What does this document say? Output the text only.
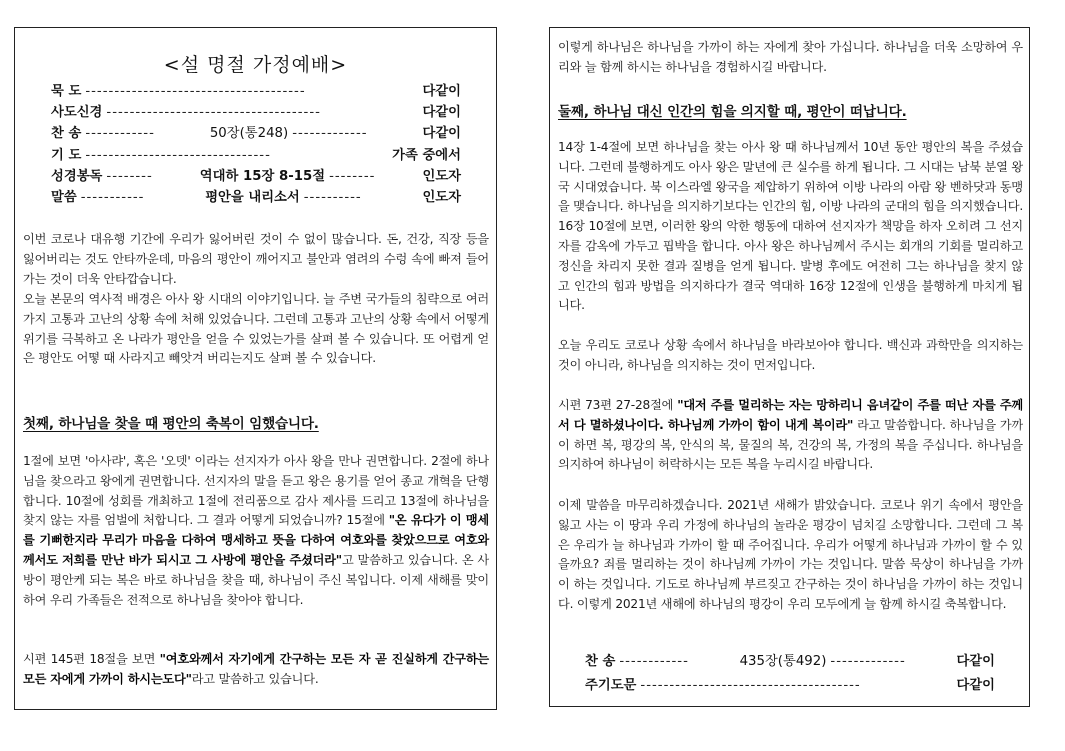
<설 명절 가정예배>
묵 도 --------------------------------------	다같이
사도신경 -------------------------------------	다같이
찬 송 ------------	50장(통248) -------------	다같이
기 도 --------------------------------	가족 중에서
성경봉독 --------	역대하 15장 8-15절 --------	인도자
말씀 -----------	평안을 내리소서 ----------	인도자

이번 코로나 대유행 기간에 우리가 잃어버린 것이 수 없이 많습니다. 돈, 건강, 직장 등을 잃어버리는 것도 안타까운데, 마음의 평안이 깨어지고 불안과 염려의 수렁 속에 빠져 들어가는 것이 더욱 안타깝습니다.

오늘 본문의 역사적 배경은 아사 왕 시대의 이야기입니다. 늘 주변 국가들의 침략으로 여러 가지 고통과 고난의 상황 속에 처해 있었습니다. 그런데 고통과 고난의 상황 속에서 어떻게 위기를 극복하고 온 나라가 평안을 얻을 수 있었는가를 살펴 볼 수 있습니다. 또 어렵게 얻은 평안도 어떻 때 사라지고 빼앗겨 버리는지도 살펴 볼 수 있습니다.

첫째, 하나님을 찾을 때 평안의 축복이 임했습니다.

1절에 보면 '아사랴', 혹은 '오뎃' 이라는 선지자가 아사 왕을 만나 권면합니다. 2절에 하나님을 찾으라고 왕에게 권면합니다. 선지자의 말을 듣고 왕은 용기를 얻어 종교 개혁을 단행합니다. 10절에 성회를 개최하고 1절에 전리품으로 감사 제사를 드리고 13절에 하나님을 찾지 않는 자를 엄벌에 처합니다. 그 결과 어떻게 되었습니까? 15절에 "온 유다가 이 맹세를 기뻐한지라 무리가 마음을 다하여 맹세하고 뜻을 다하여 여호와를 찾았으므로 여호와께서도 저희를 만난 바가 되시고 그 사방에 평안을 주셨더라"고 말씀하고 있습니다. 온 사방이 평안케 되는 복은 바로 하나님을 찾을 때, 하나님이 주신 복입니다. 이제 새해를 맞이하여 우리 가족들은 전적으로 하나님을 찾아야 합니다.

시편 145편 18절을 보면 "여호와께서 자기에게 간구하는 모든 자 곧 진실하게 간구하는 모든 자에게 가까이 하시는도다"라고 말씀하고 있습니다.

이렇게 하나님은 하나님을 가까이 하는 자에게 찾아 가십니다. 하나님을 더욱 소망하여 우리와 늘 함께 하시는 하나님을 경험하시길 바랍니다.

둘째, 하나님 대신 인간의 힘을 의지할 때, 평안이 떠납니다.

14장 1-4절에 보면 하나님을 찾는 아사 왕 때 하나님께서 10년 동안 평안의 복을 주셨습니다. 그런데 불행하게도 아사 왕은 말년에 큰 실수를 하게 됩니다. 그 시대는 남북 분열 왕국 시대였습니다. 북 이스라엘 왕국을 제압하기 위하여 이방 나라의 아람 왕 벤하닷과 동맹을 맺습니다. 하나님을 의지하기보다는 인간의 힘, 이방 나라의 군대의 힘을 의지했습니다. 16장 10절에 보면, 이러한 왕의 악한 행동에 대하여 선지자가 책망을 하자 오히려 그 선지자를 감옥에 가두고 핍박을 합니다. 아사 왕은 하나님께서 주시는 회개의 기회를 멀리하고 정신을 차리지 못한 결과 질병을 얻게 됩니다. 발병 후에도 여전히 그는 하나님을 찾지 않고 인간의 힘과 방법을 의지하다가 결국 역대하 16장 12절에 인생을 불행하게 마치게 됩니다.

오늘 우리도 코로나 상황 속에서 하나님을 바라보아야 합니다. 백신과 과학만을 의지하는 것이 아니라, 하나님을 의지하는 것이 먼저입니다.

시편 73편 27-28절에 "대저 주를 멀리하는 자는 망하리니 음녀같이 주를 떠난 자를 주께서 다 멸하셨나이다. 하나님께 가까이 함이 내게 복이라" 라고 말씀합니다. 하나님을 가까이 하면 복, 평강의 복, 안식의 복, 물질의 복, 건강의 복, 가정의 복을 주십니다. 하나님을 의지하여 하나님이 허락하시는 모든 복을 누리시길 바랍니다.

이제 말씀을 마무리하겠습니다. 2021년 새해가 밝았습니다. 코로나 위기 속에서 평안을 잃고 사는 이 땅과 우리 가정에 하나님의 놀라운 평강이 넘치길 소망합니다. 그런데 그 복은 우리가 늘 하나님과 가까이 할 때 주어집니다. 우리가 어떻게 하나님과 가까이 할 수 있을까요? 죄를 멀리하는 것이 하나님께 가까이 가는 것입니다. 말씀 묵상이 하나님을 가까이 하는 것입니다. 기도로 하나님께 부르짖고 간구하는 것이 하나님을 가까이 하는 것입니다. 이렇게 2021년 새해에 하나님의 평강이 우리 모두에게 늘 함께 하시길 축복합니다.

찬 송 ------------	435장(통492) -------------	다같이
주기도문 --------------------------------------	다같이
